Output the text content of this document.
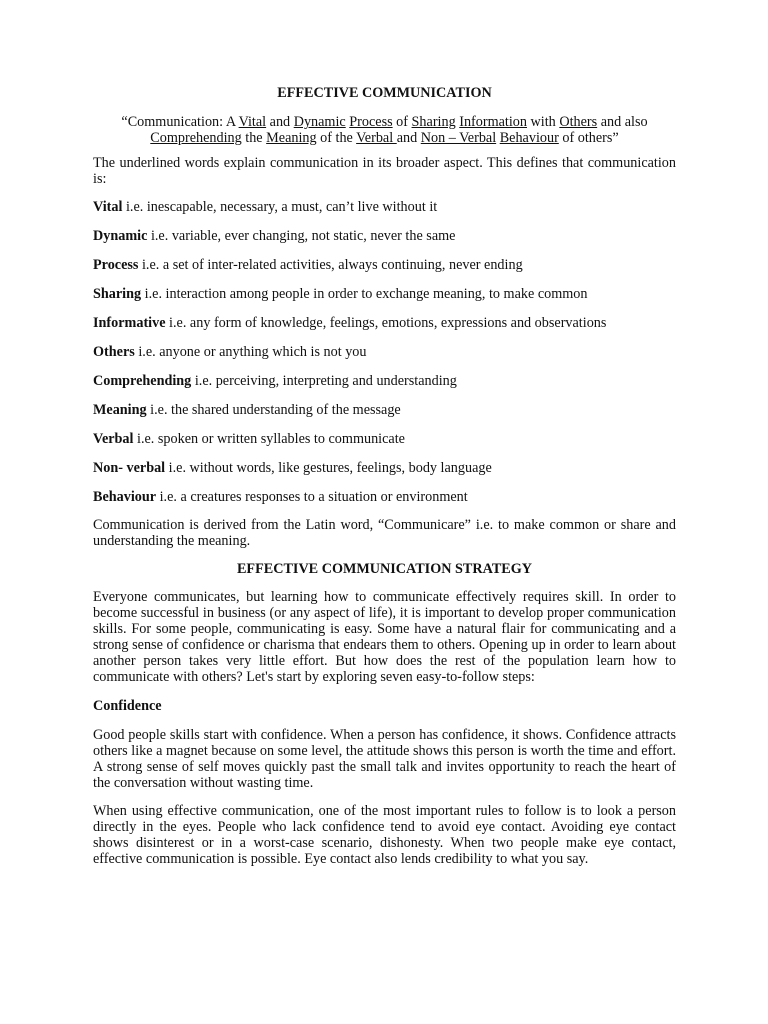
EFFECTIVE COMMUNICATION

“Communication: A Vital and Dynamic Process of Sharing Information with Others and also
Comprehending the Meaning of the Verbal and Non – Verbal Behaviour of others”

The underlined words explain communication in its broader aspect. This defines that communication is:

Vital i.e. inescapable, necessary, a must, can’t live without it

Dynamic i.e. variable, ever changing, not static, never the same

Process i.e. a set of inter-related activities, always continuing, never ending

Sharing i.e. interaction among people in order to exchange meaning, to make common

Informative i.e. any form of knowledge, feelings, emotions, expressions and observations

Others i.e. anyone or anything which is not you

Comprehending i.e. perceiving, interpreting and understanding

Meaning i.e. the shared understanding of the message

Verbal i.e. spoken or written syllables to communicate

Non- verbal i.e. without words, like gestures, feelings, body language

Behaviour i.e. a creatures responses to a situation or environment

Communication is derived from the Latin word, “Communicare” i.e. to make common or share and understanding the meaning.

EFFECTIVE COMMUNICATION STRATEGY

Everyone communicates, but learning how to communicate effectively requires skill. In order to become successful in business (or any aspect of life), it is important to develop proper communication skills. For some people, communicating is easy. Some have a natural flair for communicating and a strong sense of confidence or charisma that endears them to others. Opening up in order to learn about another person takes very little effort. But how does the rest of the population learn how to communicate with others? Let's start by exploring seven easy-to-follow steps:

Confidence

Good people skills start with confidence. When a person has confidence, it shows. Confidence attracts others like a magnet because on some level, the attitude shows this person is worth the time and effort. A strong sense of self moves quickly past the small talk and invites opportunity to reach the heart of the conversation without wasting time.

When using effective communication, one of the most important rules to follow is to look a person directly in the eyes. People who lack confidence tend to avoid eye contact. Avoiding eye contact shows disinterest or in a worst-case scenario, dishonesty. When two people make eye contact, effective communication is possible. Eye contact also lends credibility to what you say.
